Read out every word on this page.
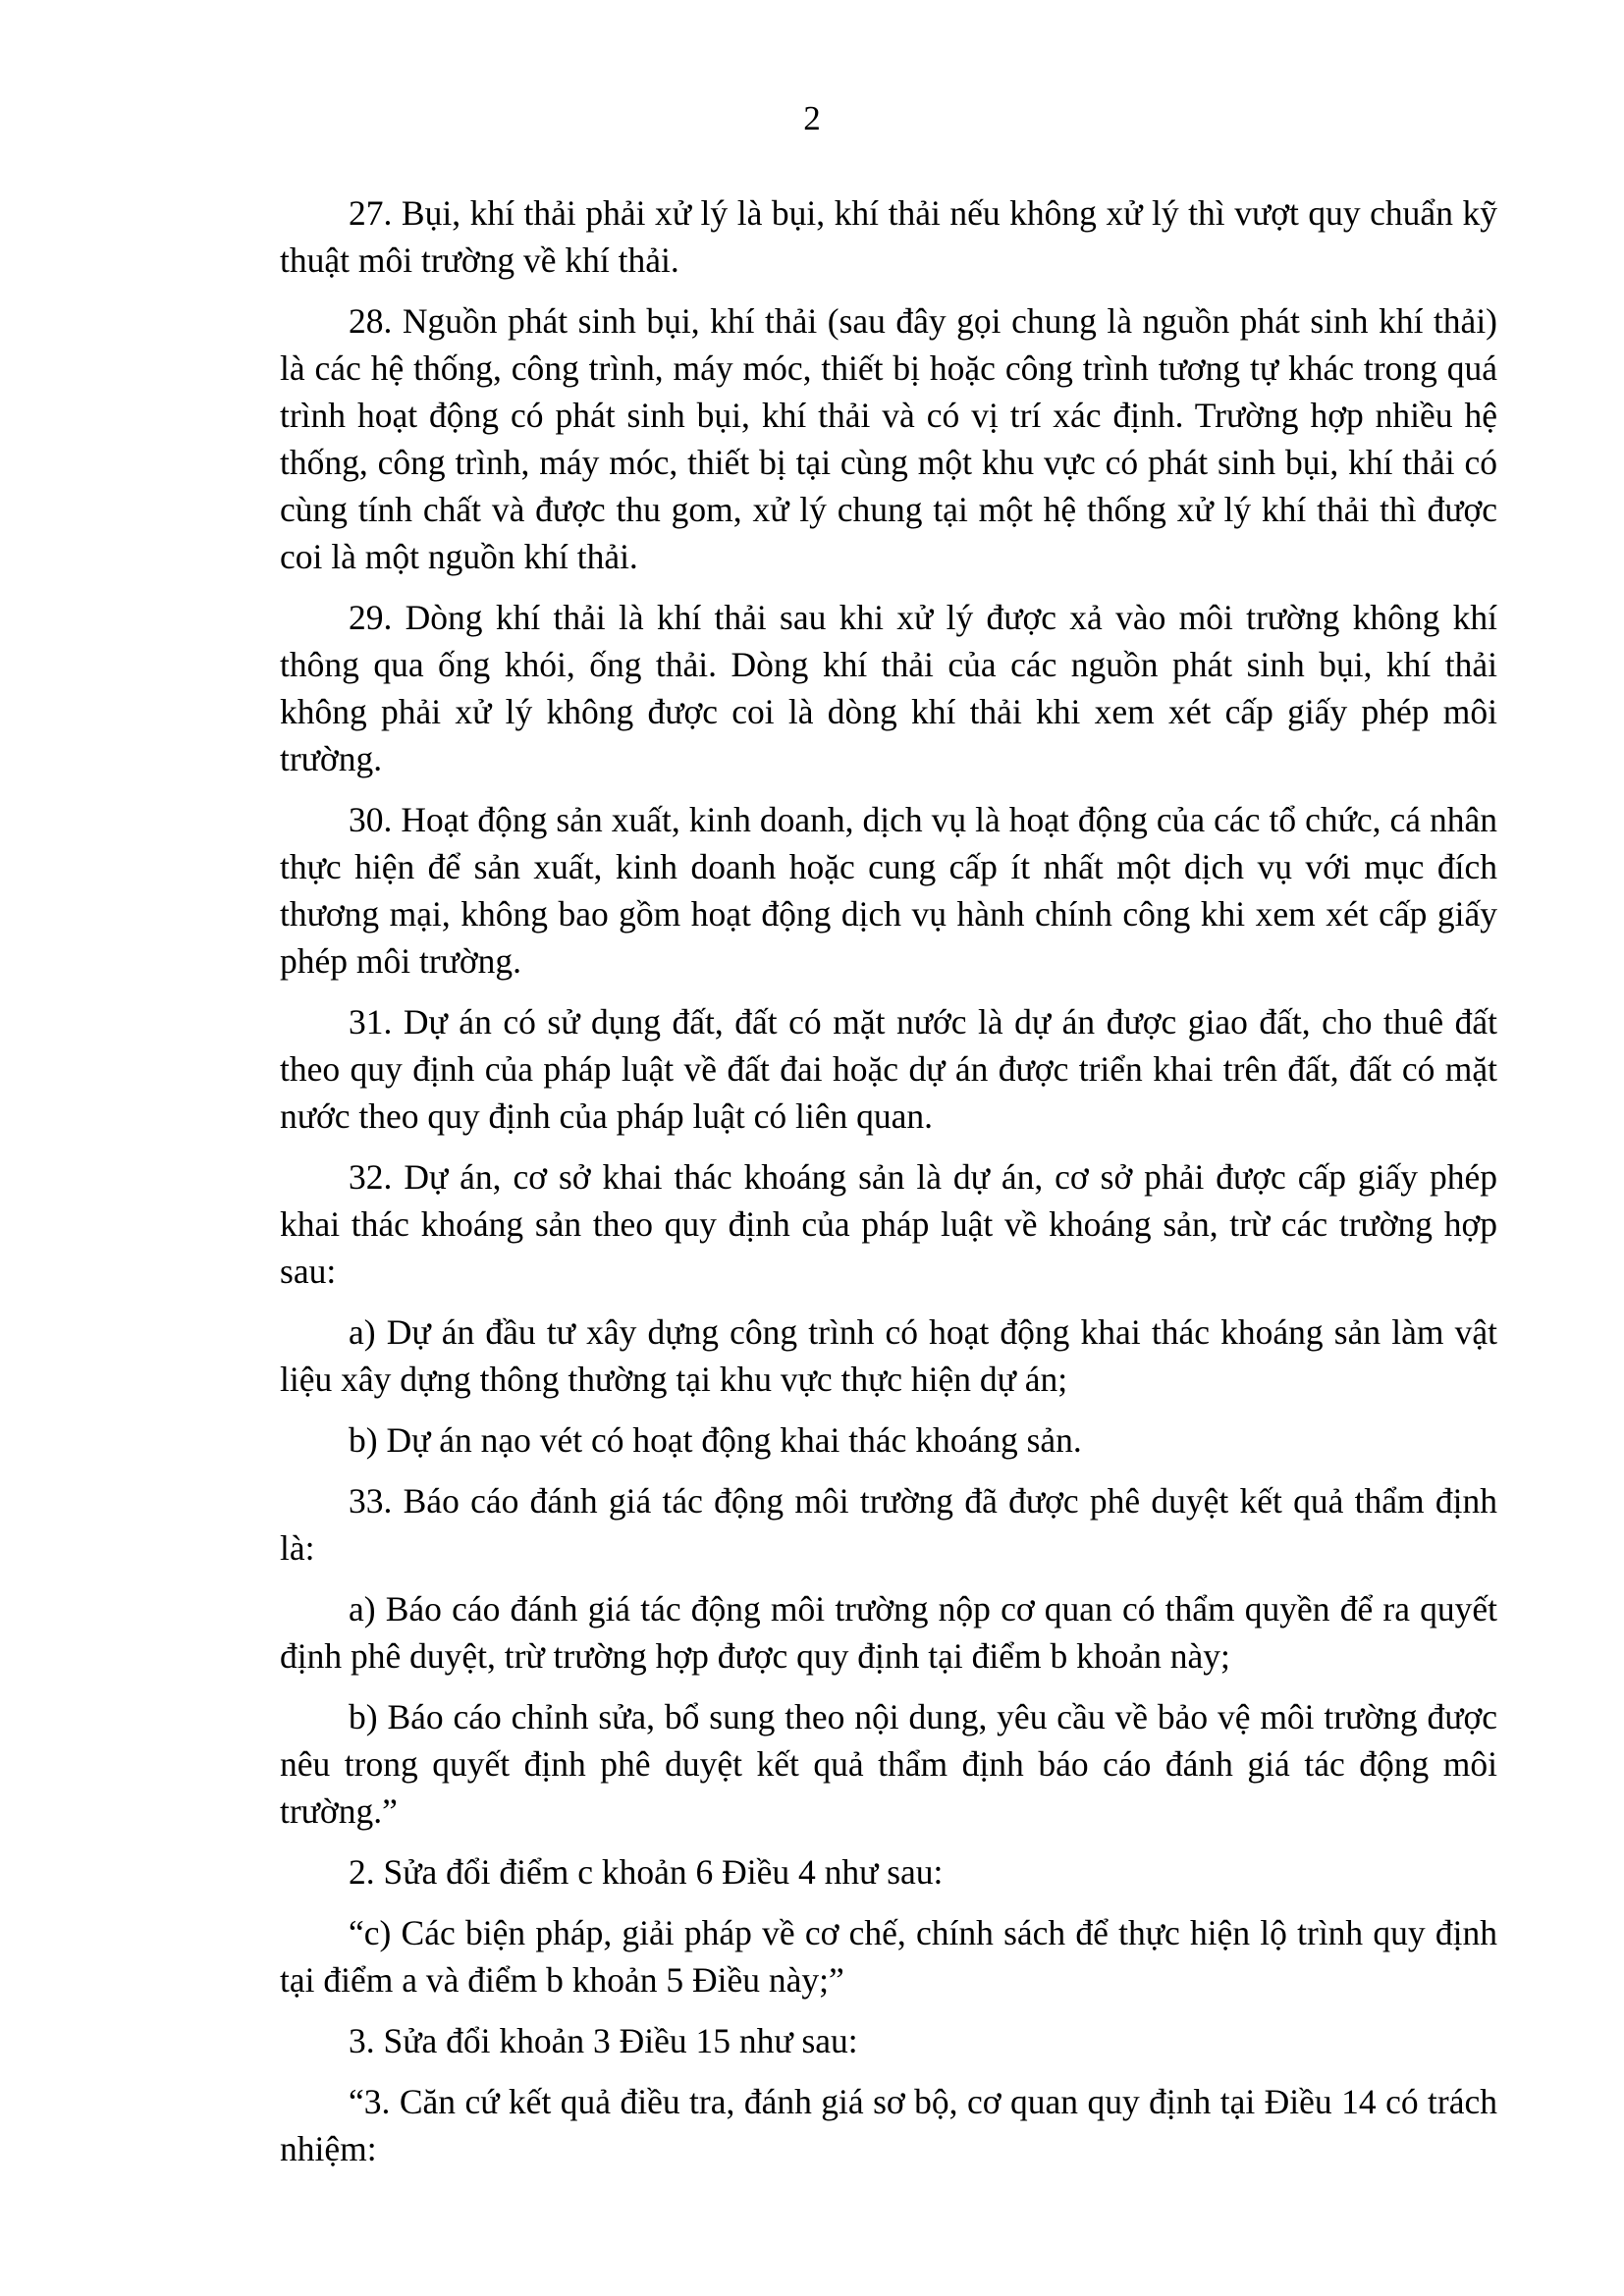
2

27. Bụi, khí thải phải xử lý là bụi, khí thải nếu không xử lý thì vượt quy chuẩn kỹ thuật môi trường về khí thải.

28. Nguồn phát sinh bụi, khí thải (sau đây gọi chung là nguồn phát sinh khí thải) là các hệ thống, công trình, máy móc, thiết bị hoặc công trình tương tự khác trong quá trình hoạt động có phát sinh bụi, khí thải và có vị trí xác định. Trường hợp nhiều hệ thống, công trình, máy móc, thiết bị tại cùng một khu vực có phát sinh bụi, khí thải có cùng tính chất và được thu gom, xử lý chung tại một hệ thống xử lý khí thải thì được coi là một nguồn khí thải.

29. Dòng khí thải là khí thải sau khi xử lý được xả vào môi trường không khí thông qua ống khói, ống thải. Dòng khí thải của các nguồn phát sinh bụi, khí thải không phải xử lý không được coi là dòng khí thải khi xem xét cấp giấy phép môi trường.

30. Hoạt động sản xuất, kinh doanh, dịch vụ là hoạt động của các tổ chức, cá nhân thực hiện để sản xuất, kinh doanh hoặc cung cấp ít nhất một dịch vụ với mục đích thương mại, không bao gồm hoạt động dịch vụ hành chính công khi xem xét cấp giấy phép môi trường.

31. Dự án có sử dụng đất, đất có mặt nước là dự án được giao đất, cho thuê đất theo quy định của pháp luật về đất đai hoặc dự án được triển khai trên đất, đất có mặt nước theo quy định của pháp luật có liên quan.

32. Dự án, cơ sở khai thác khoáng sản là dự án, cơ sở phải được cấp giấy phép khai thác khoáng sản theo quy định của pháp luật về khoáng sản, trừ các trường hợp sau:

a) Dự án đầu tư xây dựng công trình có hoạt động khai thác khoáng sản làm vật liệu xây dựng thông thường tại khu vực thực hiện dự án;

b) Dự án nạo vét có hoạt động khai thác khoáng sản.

33. Báo cáo đánh giá tác động môi trường đã được phê duyệt kết quả thẩm định là:

a) Báo cáo đánh giá tác động môi trường nộp cơ quan có thẩm quyền để ra quyết định phê duyệt, trừ trường hợp được quy định tại điểm b khoản này;

b) Báo cáo chỉnh sửa, bổ sung theo nội dung, yêu cầu về bảo vệ môi trường được nêu trong quyết định phê duyệt kết quả thẩm định báo cáo đánh giá tác động môi trường.”

2. Sửa đổi điểm c khoản 6 Điều 4 như sau:

“c) Các biện pháp, giải pháp về cơ chế, chính sách để thực hiện lộ trình quy định tại điểm a và điểm b khoản 5 Điều này;”

3. Sửa đổi khoản 3 Điều 15 như sau:

“3. Căn cứ kết quả điều tra, đánh giá sơ bộ, cơ quan quy định tại Điều 14 có trách nhiệm:
